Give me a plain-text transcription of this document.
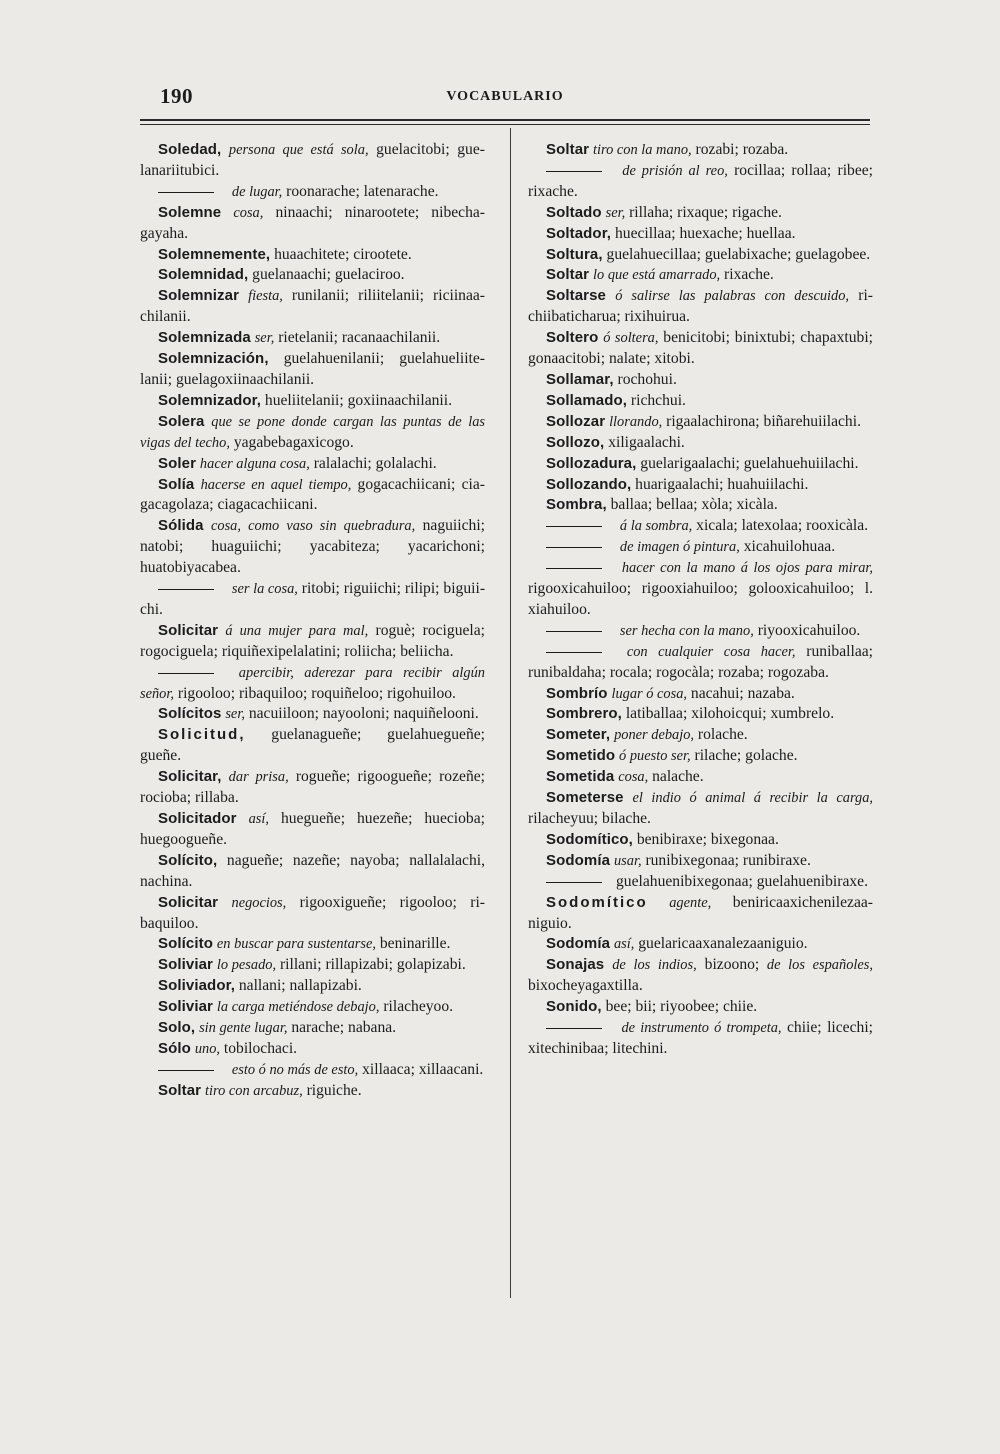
190	VOCABULARIO

Soledad, persona que está sola, guelacitobi; guelanariitubici.

de lugar, roonarache; latenarache.

Solemne cosa, ninaachi; ninarootete; nibechagayaha.

Solemnemente, huaachitete; cirootete.

Solemnidad, guelanaachi; guelaciroo.

Solemnizar fiesta, runilanii; riliitelanii; riciinaachilanii.

Solemnizada ser, rietelanii; racanaachilanii.

Solemnización, guelahuenilanii; guelahueliitelanii; guelagoxiinaachilanii.

Solemnizador, hueliitelanii; goxiinaachilanii.

Solera que se pone donde cargan las puntas de las vigas del techo, yagabebagaxicogo.

Soler hacer alguna cosa, ralalachi; golalachi.

Solía hacerse en aquel tiempo, gogacachiicani; ciagacagolaza; ciagacachiicani.

Sólida cosa, como vaso sin quebradura, naguiichi; natobi; huaguiichi; yacabiteza; yacarichoni; huatobiyacabea.

ser la cosa, ritobi; riguiichi; rilipi; biguiichi.

Solicitar á una mujer para mal, roguè; rociguela; rogociguela; riquiñexipelalatini; roliicha; beliicha.

apercibir, aderezar para recibir algún señor, rigooloo; ribaquiloo; roquiñeloo; rigohuiloo.

Solícitos ser, nacuiiloon; nayooloni; naquiñelooni.

Solicitud, guelanagueñe; guelahuegueñe; gueñe.

Solicitar, dar prisa, rogueñe; rigoogueñe; rozeñe; rocioba; rillaba.

Solicitador así, huegueñe; huezeñe; huecioba; huegoogueñe.

Solícito, nagueñe; nazeñe; nayoba; nallalalachi, nachina.

Solicitar negocios, rigooxigueñe; rigooloo; ribaquiloo.

Solícito en buscar para sustentarse, beninarille.

Soliviar lo pesado, rillani; rillapizabi; golapizabi.

Soliviador, nallani; nallapizabi.

Soliviar la carga metiéndose debajo, rilacheyoo.

Solo, sin gente lugar, narache; nabana.

Sólo uno, tobilochaci.

esto ó no más de esto, xillaaca; xillaacani.

Soltar tiro con arcabuz, riguiche.

Soltar tiro con la mano, rozabi; rozaba.

de prisión al reo, rocillaa; rollaa; ribee; rixache.

Soltado ser, rillaha; rixaque; rigache.

Soltador, huecillaa; huexache; huellaa.

Soltura, guelahuecillaa; guelabixache; guelagobee.

Soltar lo que está amarrado, rixache.

Soltarse ó salirse las palabras con descuido, richiibaticharua; rixihuirua.

Soltero ó soltera, benicitobi; binixtubi; chapaxtubi; gonaacitobi; nalate; xitobi.

Sollamar, rochohui.

Sollamado, richchui.

Sollozar llorando, rigaalachirona; biñarehuiilachi.

Sollozo, xiligaalachi.

Sollozadura, guelarigaalachi; guelahuehuiilachi.

Sollozando, huarigaalachi; huahuiilachi.

Sombra, ballaa; bellaa; xòla; xicàla.

á la sombra, xicala; latexolaa; rooxicàla.

de imagen ó pintura, xicahuilohuaa.

hacer con la mano á los ojos para mirar, rigooxicahuiloo; rigooxiahuiloo; golooxicahuiloo; l. xiahuiloo.

ser hecha con la mano, riyooxicahuiloo.

con cualquier cosa hacer, runiballaa; runibaldaha; rocala; rogocàla; rozaba; rogozaba.

Sombrío lugar ó cosa, nacahui; nazaba.

Sombrero, latiballaa; xilohoicqui; xumbrelo.

Someter, poner debajo, rolache.

Sometido ó puesto ser, rilache; golache.

Sometida cosa, nalache.

Someterse el indio ó animal á recibir la carga, rilacheyuu; bilache.

Sodomítico, benibiraxe; bixegonaa.

Sodomía usar, runibixegonaa; runibiraxe.

guelahuenibixegonaa; guelahuenibiraxe.

Sodomítico agente, beniricaaxichenilezaaniguio.

Sodomía así, guelaricaaxanalezaaniguio.

Sonajas de los indios, bizoono; de los españoles, bixocheyagaxtilla.

Sonido, bee; bii; riyoobee; chiie.

de instrumento ó trompeta, chiie; licechi; xitechinibaa; litechini.
